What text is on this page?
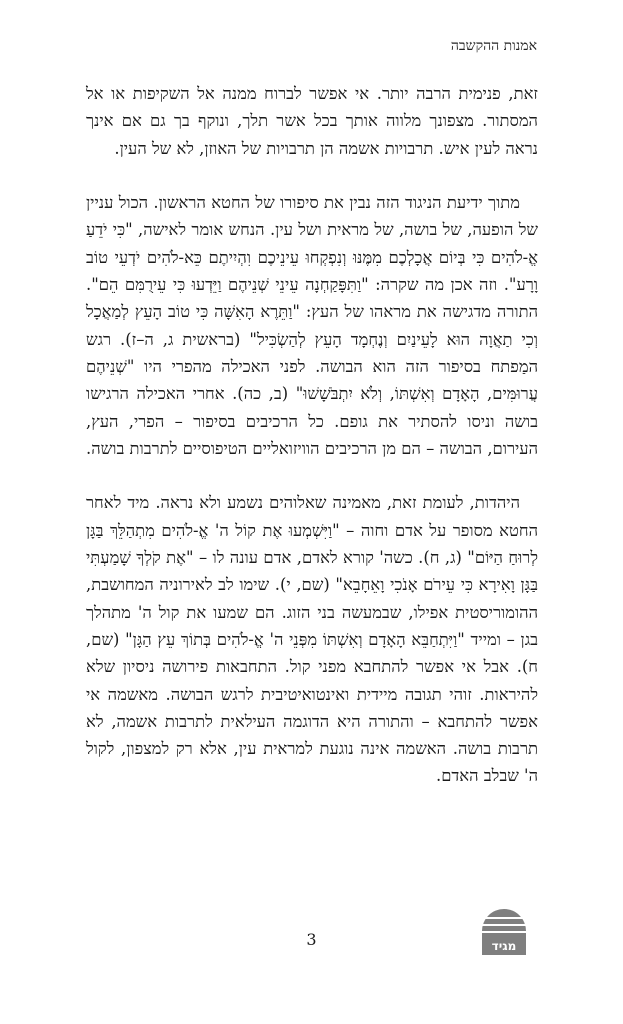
אמנות ההקשבה

זאת, פנימית הרבה יותר. אי אפשר לברוח ממנה אל השקיפות או אל המסתור. מצפונך מלווה אותך בכל אשר תלך, ונוקף בך גם אם אינך נראה לעין איש. תרבויות אשמה הן תרבויות של האוזן, לא של העין.

מתוך ידיעת הניגוד הזה נבין את סיפורו של החטא הראשון. הכול עניין של הופעה, של בושה, של מראית ושל עין. הנחש אומר לאישה, "כִּי יֹדֵעַ אֱ-לֹהִים כִּי בְּיוֹם אֲכָלְכֶם מִמֶּנּוּ וְנִפְקְחוּ עֵינֵיכֶם וִהְיִיתֶם כֵּא-לֹהִים יֹדְעֵי טוֹב וָרָע". וזה אכן מה שקרה: "וַתִּפָּקַחְנָה עֵינֵי שְׁנֵיהֶם וַיֵּדְעוּ כִּי עֵירֻמִּם הֵם". התורה מדגישה את מראהו של העץ: "וַתֵּרֶא הָאִשָּׁה כִּי טוֹב הָעֵץ לְמַאֲכָל וְכִי תַאֲוָה הוּא לָעֵינַיִם וְנֶחְמָד הָעֵץ לְהַשְׂכִּיל" (בראשית ג, ה–ז). רגש המַפתח בסיפור הזה הוא הבושה. לפני האכילה מהפרי היו "שְׁנֵיהֶם עֲרוּמִּים, הָאָדָם וְאִשְׁתּוֹ, וְלֹא יִתְבֹּשָׁשׁוּ" (ב, כה). אחרי האכילה הרגישו בושה וניסו להסתיר את גופם. כל הרכיבים בסיפור – הפרי, העץ, העירום, הבושה – הם מן הרכיבים הוויזואליים הטיפוסיים לתרבות בושה.

היהדות, לעומת זאת, מאמינה שאלוהים נשמע ולא נראה. מיד לאחר החטא מסופר על אדם וחוה – "וַיִּשְׁמְעוּ אֶת קוֹל ה' אֱ-לֹהִים מִתְהַלֵּךְ בַּגָּן לְרוּחַ הַיּוֹם" (ג, ח). כשה' קורא לאדם, אדם עונה לו – "אֶת קֹלְךָ שָׁמַעְתִּי בַּגָּן וָאִירָא כִּי עֵירֹם אָנֹכִי וָאֵחָבֵא" (שם, י). שימו לב לאירוניה המחושבת, ההומוריסטית אפילו, שבמעשה בני הזוג. הם שמעו את קול ה' מתהלך בגן – ומייד "וַיִּתְחַבֵּא הָאָדָם וְאִשְׁתּוֹ מִפְּנֵי ה' אֱ-לֹהִים בְּתוֹךְ עֵץ הַגָּן" (שם, ח). אבל אי אפשר להתחבא מפני קול. התחבאות פירושה ניסיון שלא להיראות. זוהי תגובה מיידית ואינטואיטיבית לרגש הבושה. מאשמה אי אפשר להתחבא – והתורה היא הדוגמה העילאית לתרבות אשמה, לא תרבות בושה. האשמה אינה נוגעת למראית עין, אלא רק למצפון, לקול ה' שבלב האדם.

3	מגיד
